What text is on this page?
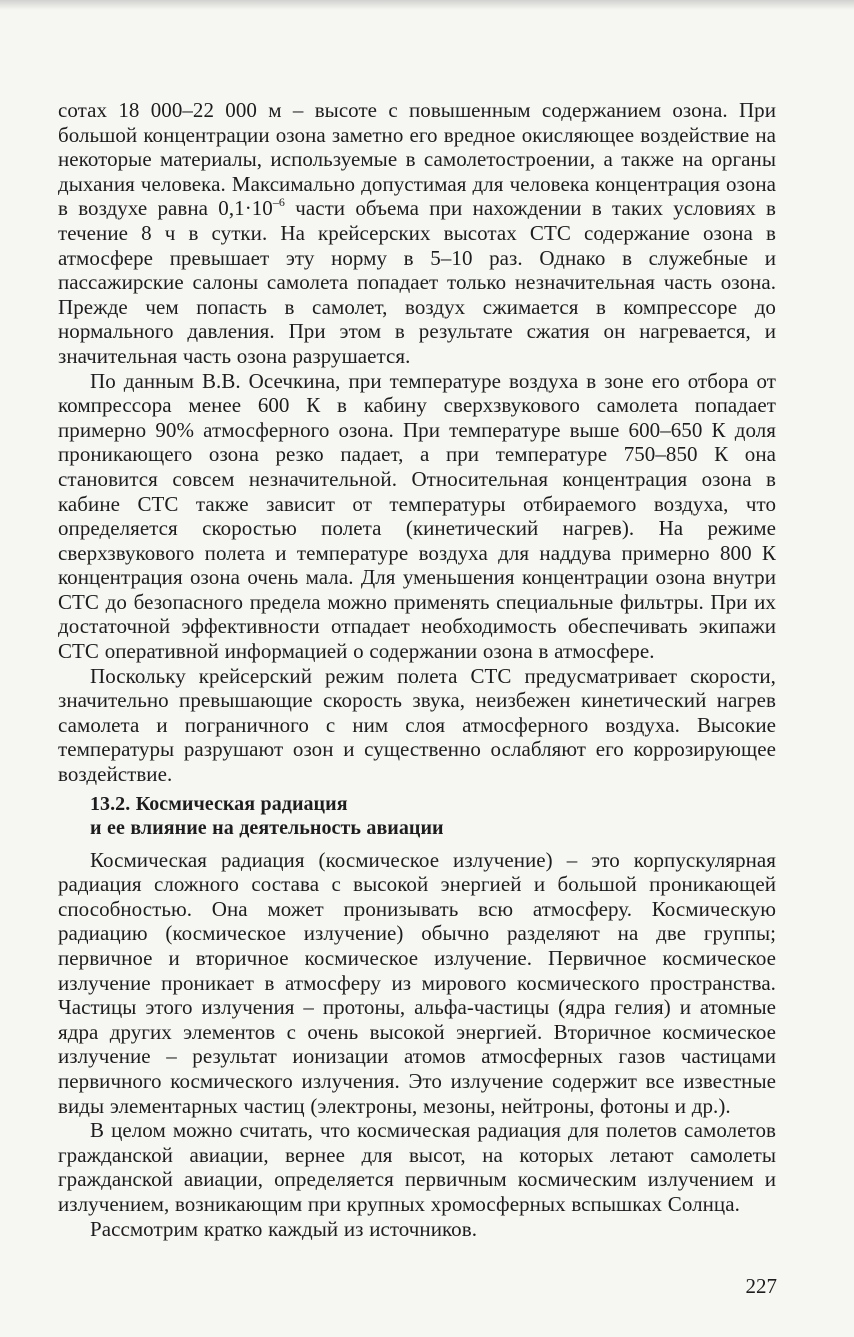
сотах 18 000–22 000 м – высоте с повышенным содержанием озона. При большой концентрации озона заметно его вредное окисляющее воздействие на некоторые материалы, используемые в самолетостроении, а также на органы дыхания человека. Максимально допустимая для человека концентрация озона в воздухе равна $0,1\cdot 10^{-6}$ части объема при нахождении в таких условиях в течение 8 ч в сутки. На крейсерских высотах СТС содержание озона в атмосфере превышает эту норму в 5–10 раз. Однако в служебные и пассажирские салоны самолета попадает только незначительная часть озона. Прежде чем попасть в самолет, воздух сжимается в компрессоре до нормального давления. При этом в результате сжатия он нагревается, и значительная часть озона разрушается.

По данным В.В. Осечкина, при температуре воздуха в зоне его отбора от компрессора менее 600 К в кабину сверхзвукового самолета попадает примерно 90% атмосферного озона. При температуре выше 600–650 К доля проникающего озона резко падает, а при температуре 750–850 К она становится совсем незначительной. Относительная концентрация озона в кабине СТС также зависит от температуры отбираемого воздуха, что определяется скоростью полета (кинетический нагрев). На режиме сверхзвукового полета и температуре воздуха для наддува примерно 800 К концентрация озона очень мала. Для уменьшения концентрации озона внутри СТС до безопасного предела можно применять специальные фильтры. При их достаточной эффективности отпадает необходимость обеспечивать экипажи СТС оперативной информацией о содержании озона в атмосфере.

Поскольку крейсерский режим полета СТС предусматривает скорости, значительно превышающие скорость звука, неизбежен кинетический нагрев самолета и пограничного с ним слоя атмосферного воздуха. Высокие температуры разрушают озон и существенно ослабляют его коррозирующее воздействие.

13.2. Космическая радиация
и ее влияние на деятельность авиации

Космическая радиация (космическое излучение) – это корпускулярная радиация сложного состава с высокой энергией и большой проникающей способностью. Она может пронизывать всю атмосферу. Космическую радиацию (космическое излучение) обычно разделяют на две группы; первичное и вторичное космическое излучение. Первичное космическое излучение проникает в атмосферу из мирового космического пространства. Частицы этого излучения – протоны, альфа-частицы (ядра гелия) и атомные ядра других элементов с очень высокой энергией. Вторичное космическое излучение – результат ионизации атомов атмосферных газов частицами первичного космического излучения. Это излучение содержит все известные виды элементарных частиц (электроны, мезоны, нейтроны, фотоны и др.).

В целом можно считать, что космическая радиация для полетов самолетов гражданской авиации, вернее для высот, на которых летают самолеты гражданской авиации, определяется первичным космическим излучением и излучением, возникающим при крупных хромосферных вспышках Солнца.

Рассмотрим кратко каждый из источников.

227
